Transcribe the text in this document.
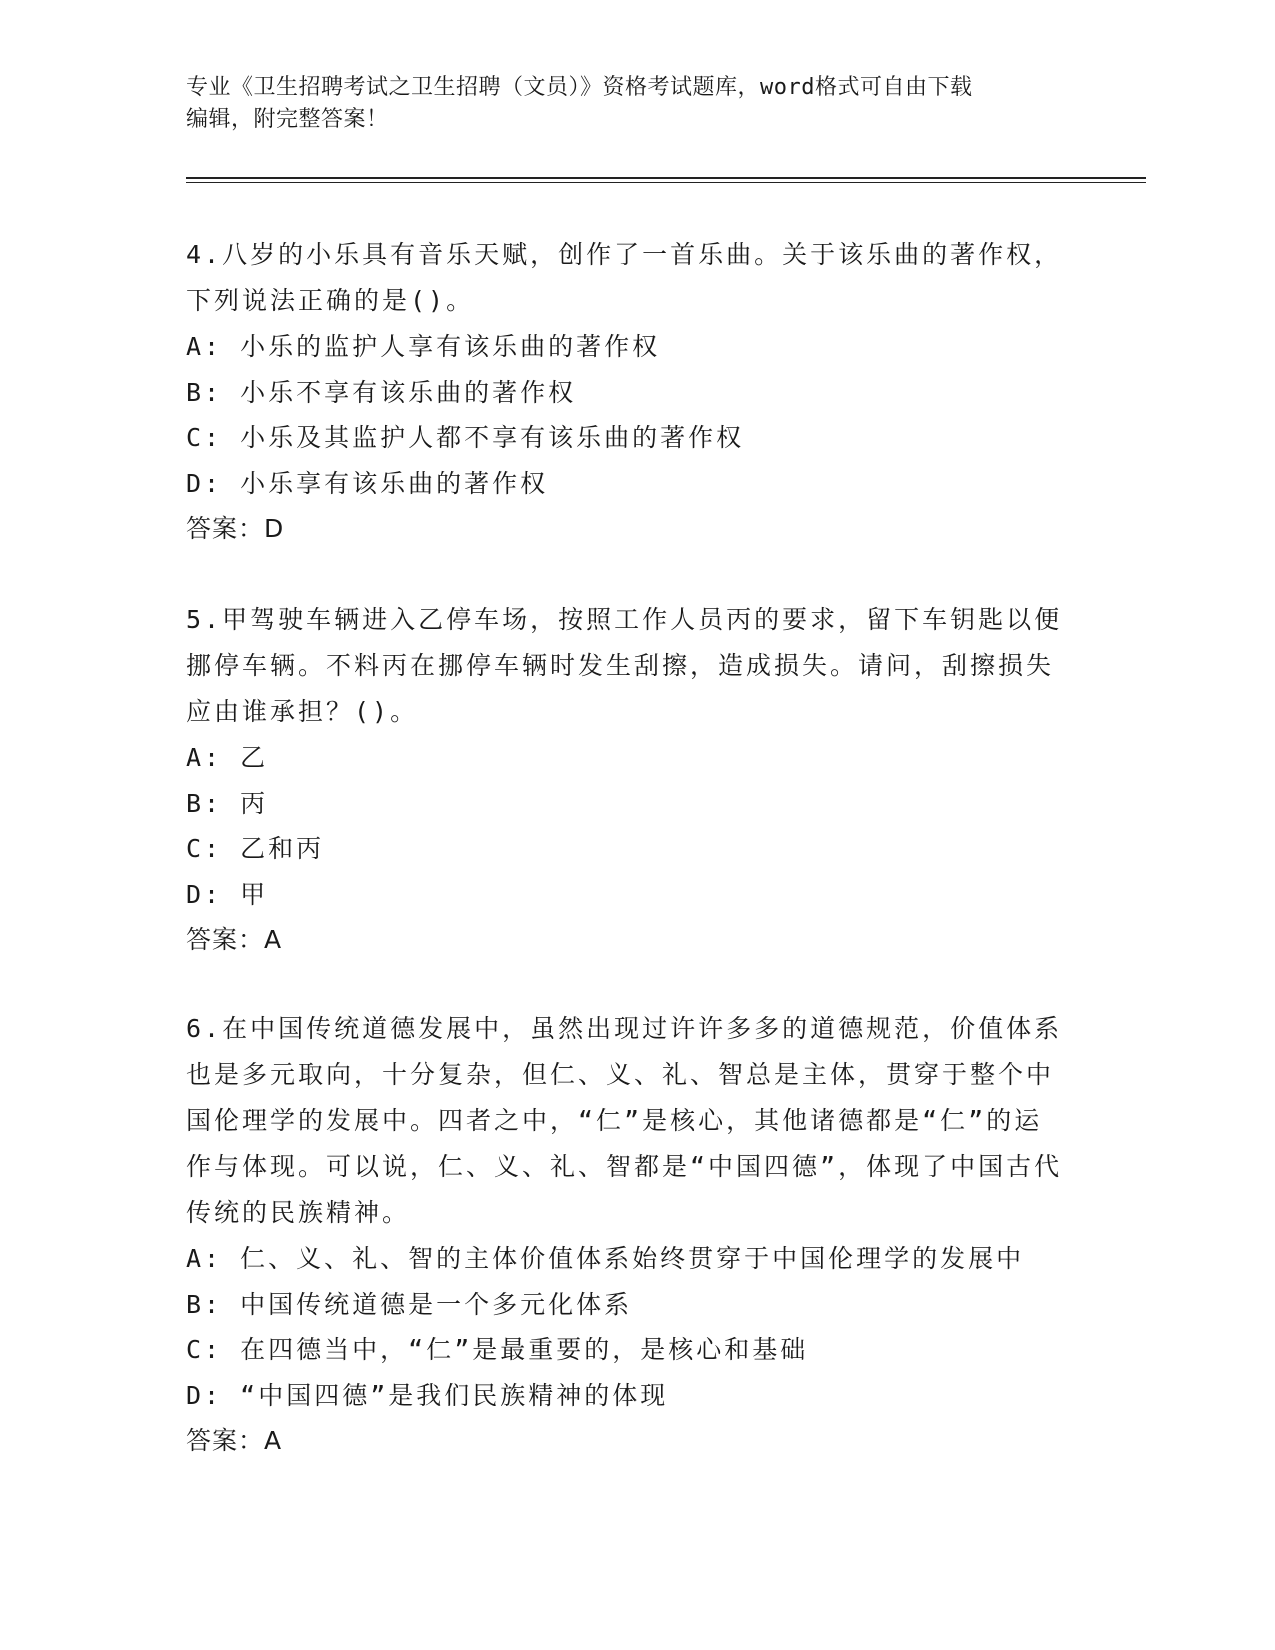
专业《卫生招聘考试之卫生招聘（文员）》资格考试题库，word格式可自由下载
编辑，附完整答案！

4.八岁的小乐具有音乐天赋，创作了一首乐曲。关于该乐曲的著作权，下列说法正确的是()。

A: 小乐的监护人享有该乐曲的著作权

B: 小乐不享有该乐曲的著作权

C: 小乐及其监护人都不享有该乐曲的著作权

D: 小乐享有该乐曲的著作权

答案：D

5.甲驾驶车辆进入乙停车场，按照工作人员丙的要求，留下车钥匙以便挪停车辆。不料丙在挪停车辆时发生刮擦，造成损失。请问，刮擦损失应由谁承担？()。

A: 乙

B: 丙

C: 乙和丙

D: 甲

答案：A

6.在中国传统道德发展中，虽然出现过许许多多的道德规范，价值体系也是多元取向，十分复杂，但仁、义、礼、智总是主体，贯穿于整个中国伦理学的发展中。四者之中，“仁”是核心，其他诸德都是“仁”的运作与体现。可以说，仁、义、礼、智都是“中国四德”，体现了中国古代传统的民族精神。

A: 仁、义、礼、智的主体价值体系始终贯穿于中国伦理学的发展中

B: 中国传统道德是一个多元化体系

C: 在四德当中，“仁”是最重要的，是核心和基础

D: “中国四德”是我们民族精神的体现

答案：A
